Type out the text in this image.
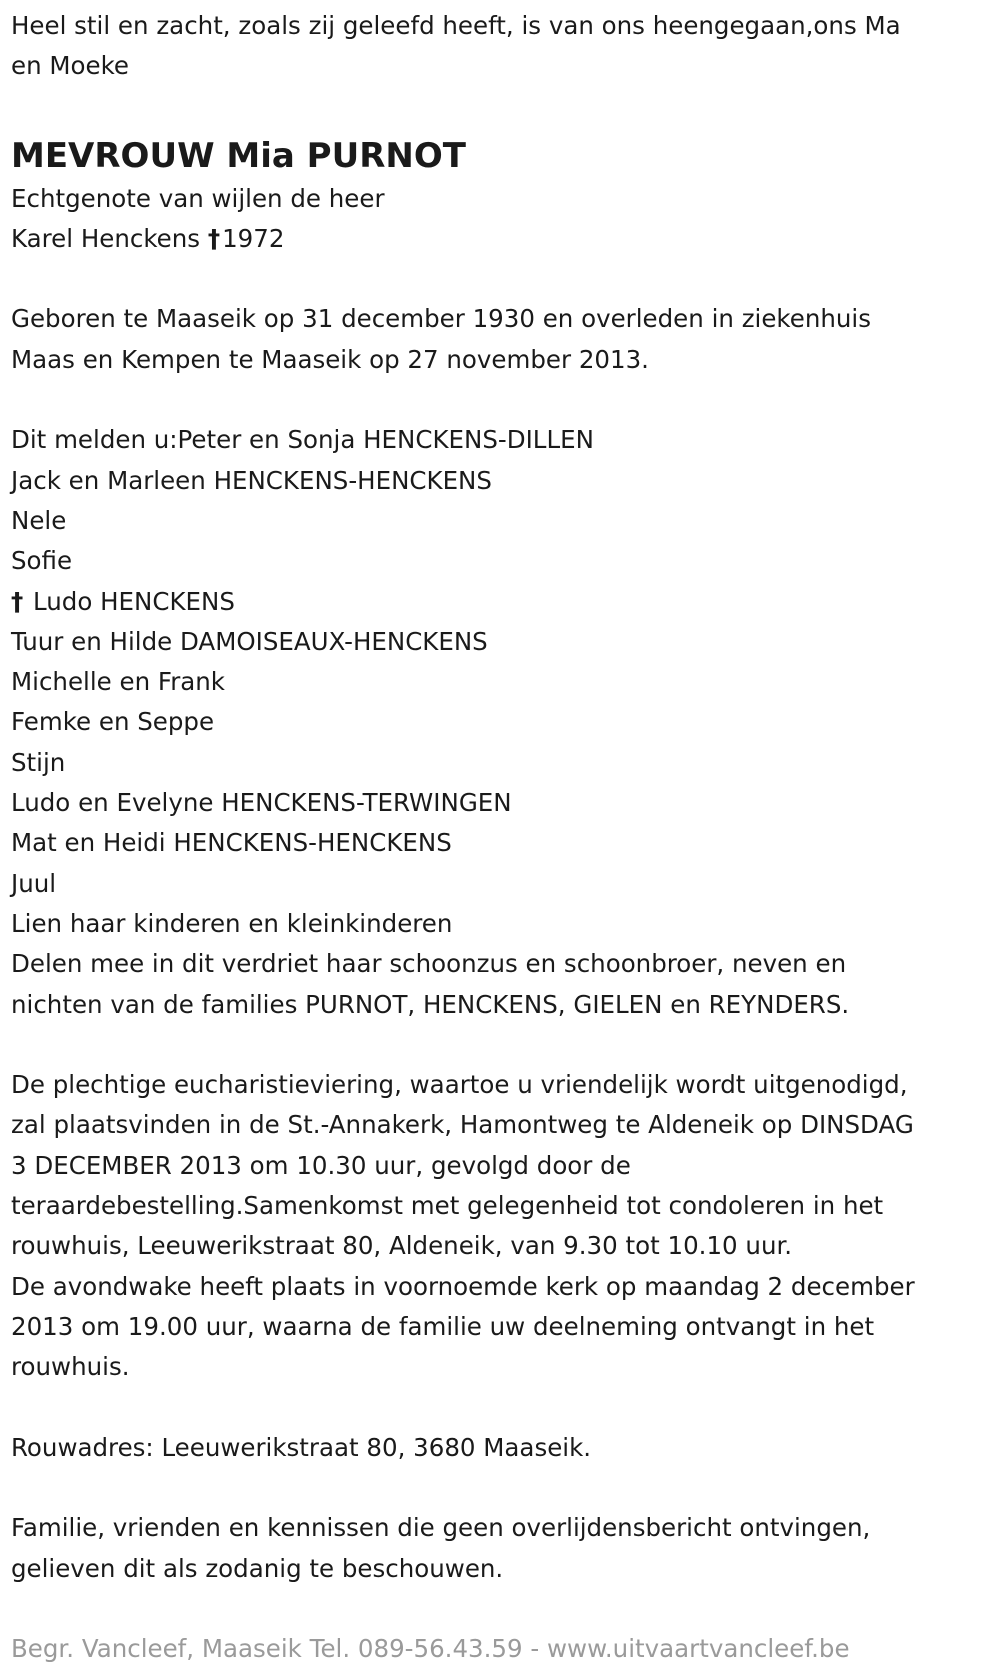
Heel stil en zacht, zoals zij geleefd heeft, is van ons heengegaan,ons Ma
en Moeke
MEVROUW Mia PURNOT
Echtgenote van wijlen de heer
Karel Henckens †1972
Geboren te Maaseik op 31 december 1930 en overleden in ziekenhuis
Maas en Kempen te Maaseik op 27 november 2013.
Dit melden u:Peter en Sonja HENCKENS-DILLEN
Jack en Marleen HENCKENS-HENCKENS
Nele
Sofie
† Ludo HENCKENS
Tuur en Hilde DAMOISEAUX-HENCKENS
Michelle en Frank
Femke en Seppe
Stijn
Ludo en Evelyne HENCKENS-TERWINGEN
Mat en Heidi HENCKENS-HENCKENS
Juul
Lien haar kinderen en kleinkinderen
Delen mee in dit verdriet haar schoonzus en schoonbroer, neven en
nichten van de families PURNOT, HENCKENS, GIELEN en REYNDERS.
De plechtige eucharistieviering, waartoe u vriendelijk wordt uitgenodigd,
zal plaatsvinden in de St.-Annakerk, Hamontweg te Aldeneik op DINSDAG
3 DECEMBER 2013 om 10.30 uur, gevolgd door de
teraardebestelling.Samenkomst met gelegenheid tot condoleren in het
rouwhuis, Leeuwerikstraat 80, Aldeneik, van 9.30 tot 10.10 uur.
De avondwake heeft plaats in voornoemde kerk op maandag 2 december
2013 om 19.00 uur, waarna de familie uw deelneming ontvangt in het
rouwhuis.
Rouwadres: Leeuwerikstraat 80, 3680 Maaseik.
Familie, vrienden en kennissen die geen overlijdensbericht ontvingen,
gelieven dit als zodanig te beschouwen.
Begr. Vancleef, Maaseik Tel. 089-56.43.59 - www.uitvaartvancleef.be
